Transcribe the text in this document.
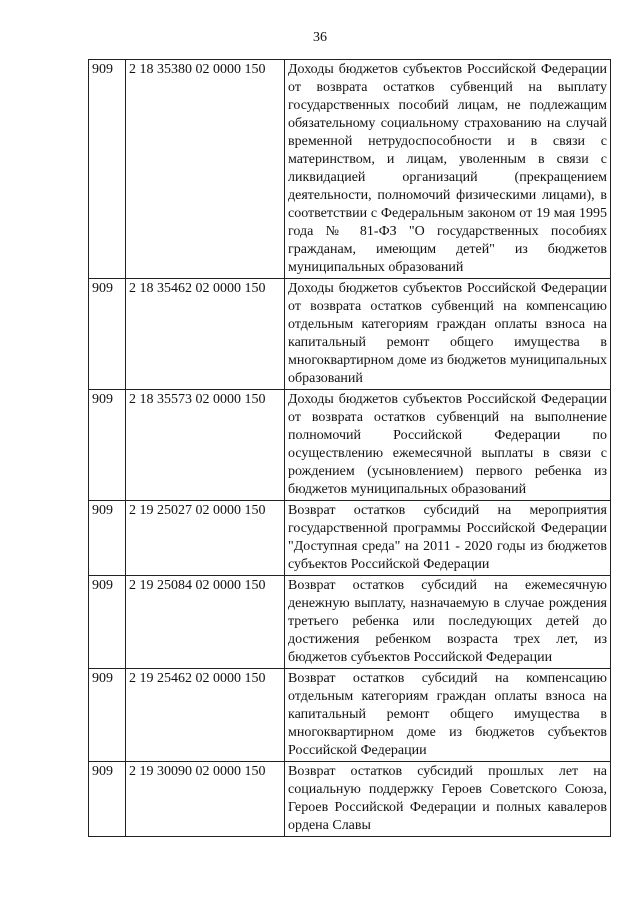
36
909	2 18 35380 02 0000 150	Доходы бюджетов субъектов Российской Федерации от возврата остатков субвенций на выплату государственных пособий лицам, не подлежащим обязательному социальному страхованию на случай временной нетрудоспособности и в связи с материнством, и лицам, уволенным в связи с ликвидацией организаций (прекращением деятельности, полномочий физическими лицами), в соответствии с Федеральным законом от 19 мая 1995 года № 81-ФЗ "О государственных пособиях гражданам, имеющим детей" из бюджетов муниципальных образований

909	2 18 35462 02 0000 150	Доходы бюджетов субъектов Российской Федерации от возврата остатков субвенций на компенсацию отдельным категориям граждан оплаты взноса на капитальный ремонт общего имущества в многоквартирном доме из бюджетов муниципальных образований

909	2 18 35573 02 0000 150	Доходы бюджетов субъектов Российской Федерации от возврата остатков субвенций на выполнение полномочий Российской Федерации по осуществлению ежемесячной выплаты в связи с рождением (усыновлением) первого ребенка из бюджетов муниципальных образований

909	2 19 25027 02 0000 150	Возврат остатков субсидий на мероприятия государственной программы Российской Федерации "Доступная среда" на 2011 - 2020 годы из бюджетов субъектов Российской Федерации

909	2 19 25084 02 0000 150	Возврат остатков субсидий на ежемесячную денежную выплату, назначаемую в случае рождения третьего ребенка или последующих детей до достижения ребенком возраста трех лет, из бюджетов субъектов Российской Федерации

909	2 19 25462 02 0000 150	Возврат остатков субсидий на компенсацию отдельным категориям граждан оплаты взноса на капитальный ремонт общего имущества в многоквартирном доме из бюджетов субъектов Российской Федерации

909	2 19 30090 02 0000 150	Возврат остатков субсидий прошлых лет на социальную поддержку Героев Советского Союза, Героев Российской Федерации и полных кавалеров ордена Славы
